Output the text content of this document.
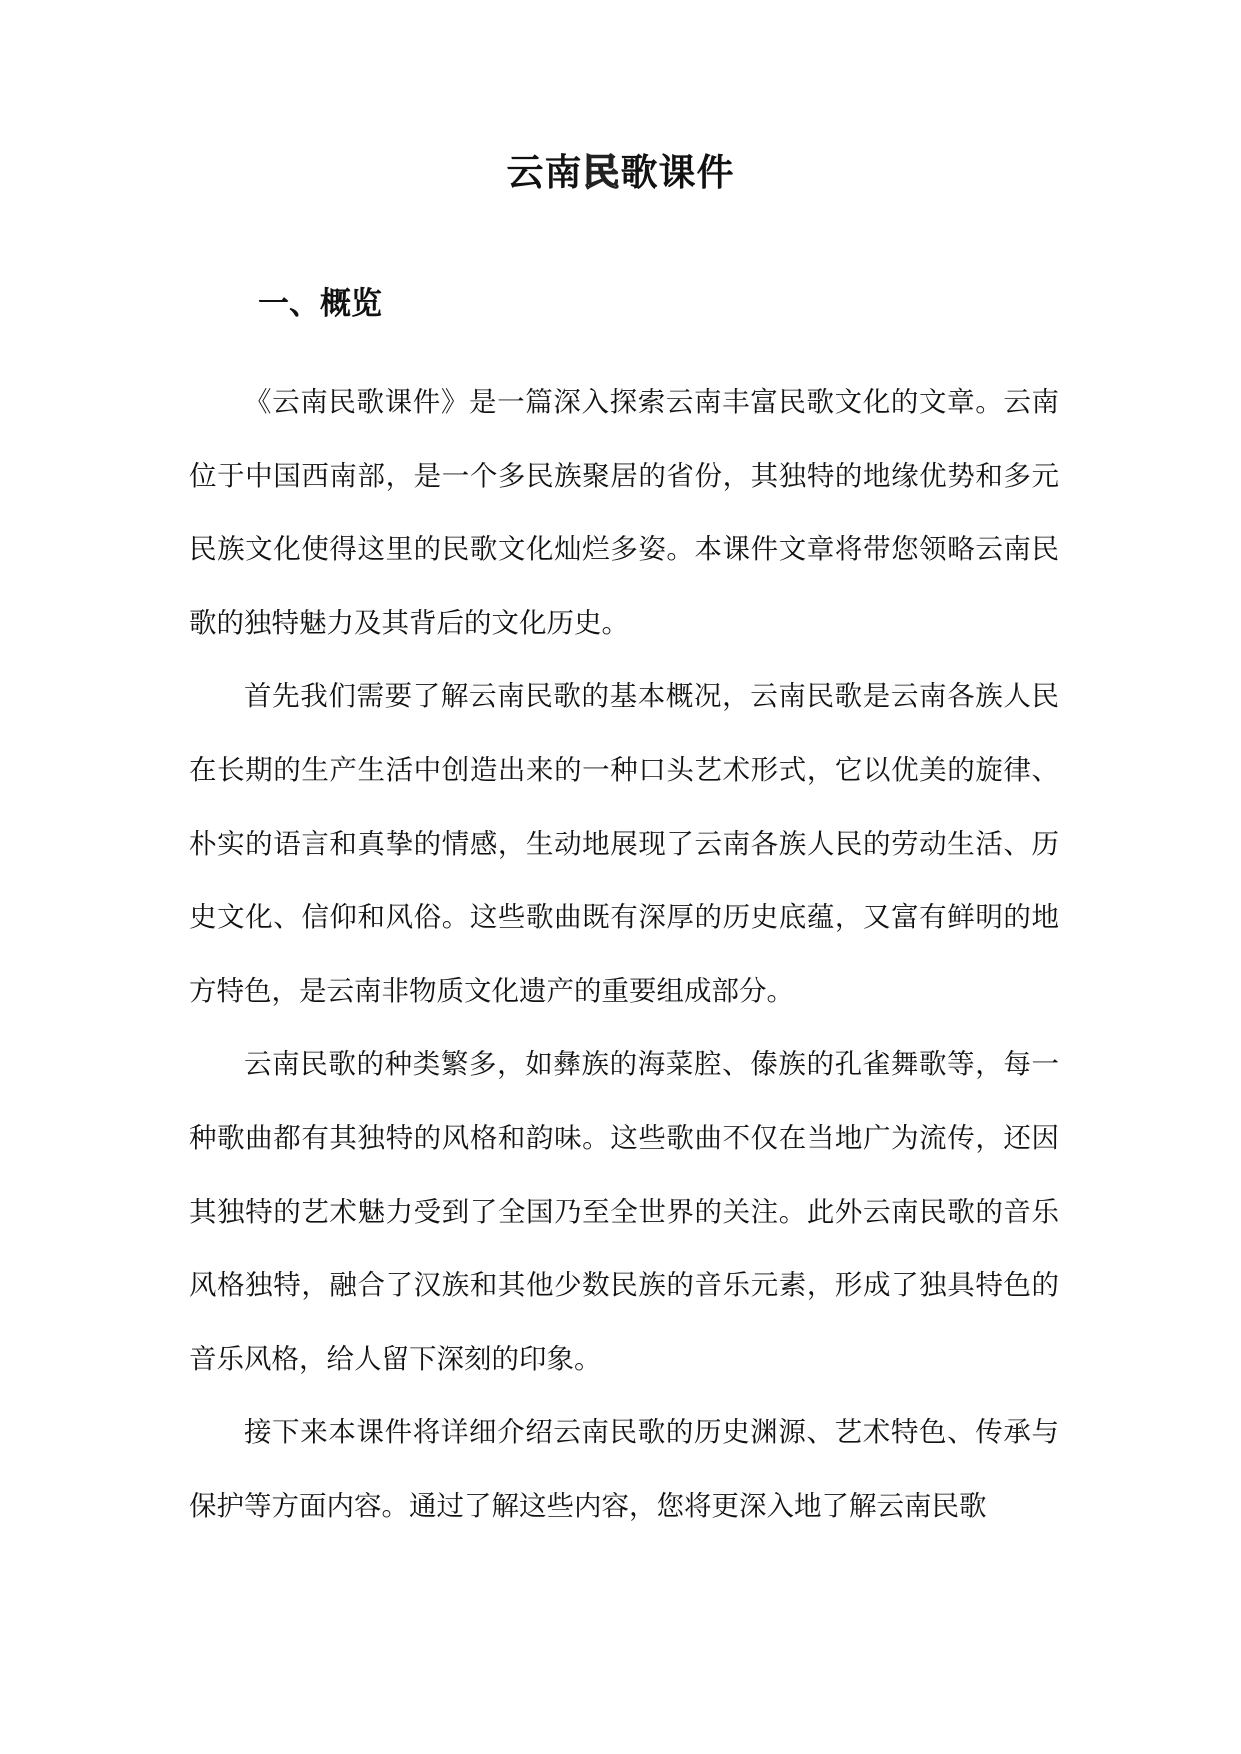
云南民歌课件
一、概览

《云南民歌课件》是一篇深入探索云南丰富民歌文化的文章。云南位于中国西南部，是一个多民族聚居的省份，其独特的地缘优势和多元民族文化使得这里的民歌文化灿烂多姿。本课件文章将带您领略云南民歌的独特魅力及其背后的文化历史。

首先我们需要了解云南民歌的基本概况，云南民歌是云南各族人民在长期的生产生活中创造出来的一种口头艺术形式，它以优美的旋律、朴实的语言和真挚的情感，生动地展现了云南各族人民的劳动生活、历史文化、信仰和风俗。这些歌曲既有深厚的历史底蕴，又富有鲜明的地方特色，是云南非物质文化遗产的重要组成部分。

云南民歌的种类繁多，如彝族的海菜腔、傣族的孔雀舞歌等，每一种歌曲都有其独特的风格和韵味。这些歌曲不仅在当地广为流传，还因其独特的艺术魅力受到了全国乃至全世界的关注。此外云南民歌的音乐风格独特，融合了汉族和其他少数民族的音乐元素，形成了独具特色的音乐风格，给人留下深刻的印象。

接下来本课件将详细介绍云南民歌的历史渊源、艺术特色、传承与保护等方面内容。通过了解这些内容，您将更深入地了解云南民歌
